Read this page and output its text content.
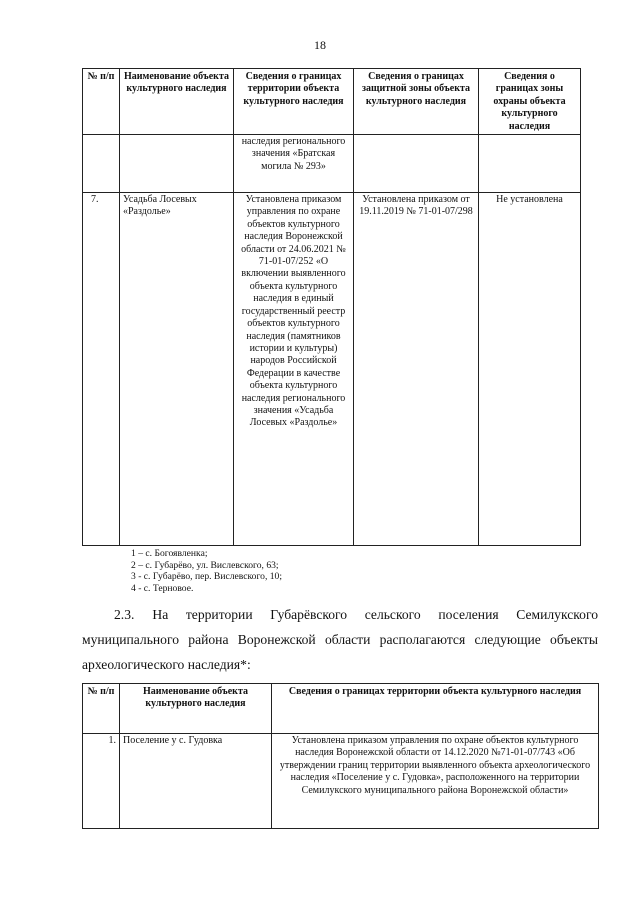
18
№ п/п	Наименование объекта культурного наследия	Сведения о границах территории объекта культурного наследия	Сведения о границах защитной зоны объекта культурного наследия	Сведения о границах зоны охраны объекта культурного наследия
		наследия регионального значения «Братская могила № 293»		
7.	Усадьба Лосевых «Раздолье»	Установлена приказом управления по охране объектов культурного наследия Воронежской области от 24.06.2021 № 71-01-07/252 «О включении выявленного объекта культурного наследия в единый государственный реестр объектов культурного наследия (памятников истории и культуры) народов Российской Федерации в качестве объекта культурного наследия регионального значения «Усадьба Лосевых «Раздолье»	Установлена приказом от 19.11.2019 № 71-01-07/298	Не установлена
1 – с. Богоявленка;
2 – с. Губарёво, ул. Вислевского, 63;
3 - с. Губарёво, пер. Вислевского, 10;
4 - с. Терновое.
2.3. На территории Губарёвского сельского поселения Семилукского муниципального района Воронежской области располагаются следующие объекты археологического наследия*:
№ п/п	Наименование объекта культурного наследия	Сведения о границах территории объекта культурного наследия
1.	Поселение у с. Гудовка	Установлена приказом управления по охране объектов культурного наследия Воронежской области от 14.12.2020 №71-01-07/743 «Об утверждении границ территории выявленного объекта археологического наследия «Поселение у с. Гудовка», расположенного на территории Семилукского муниципального района Воронежской области»
